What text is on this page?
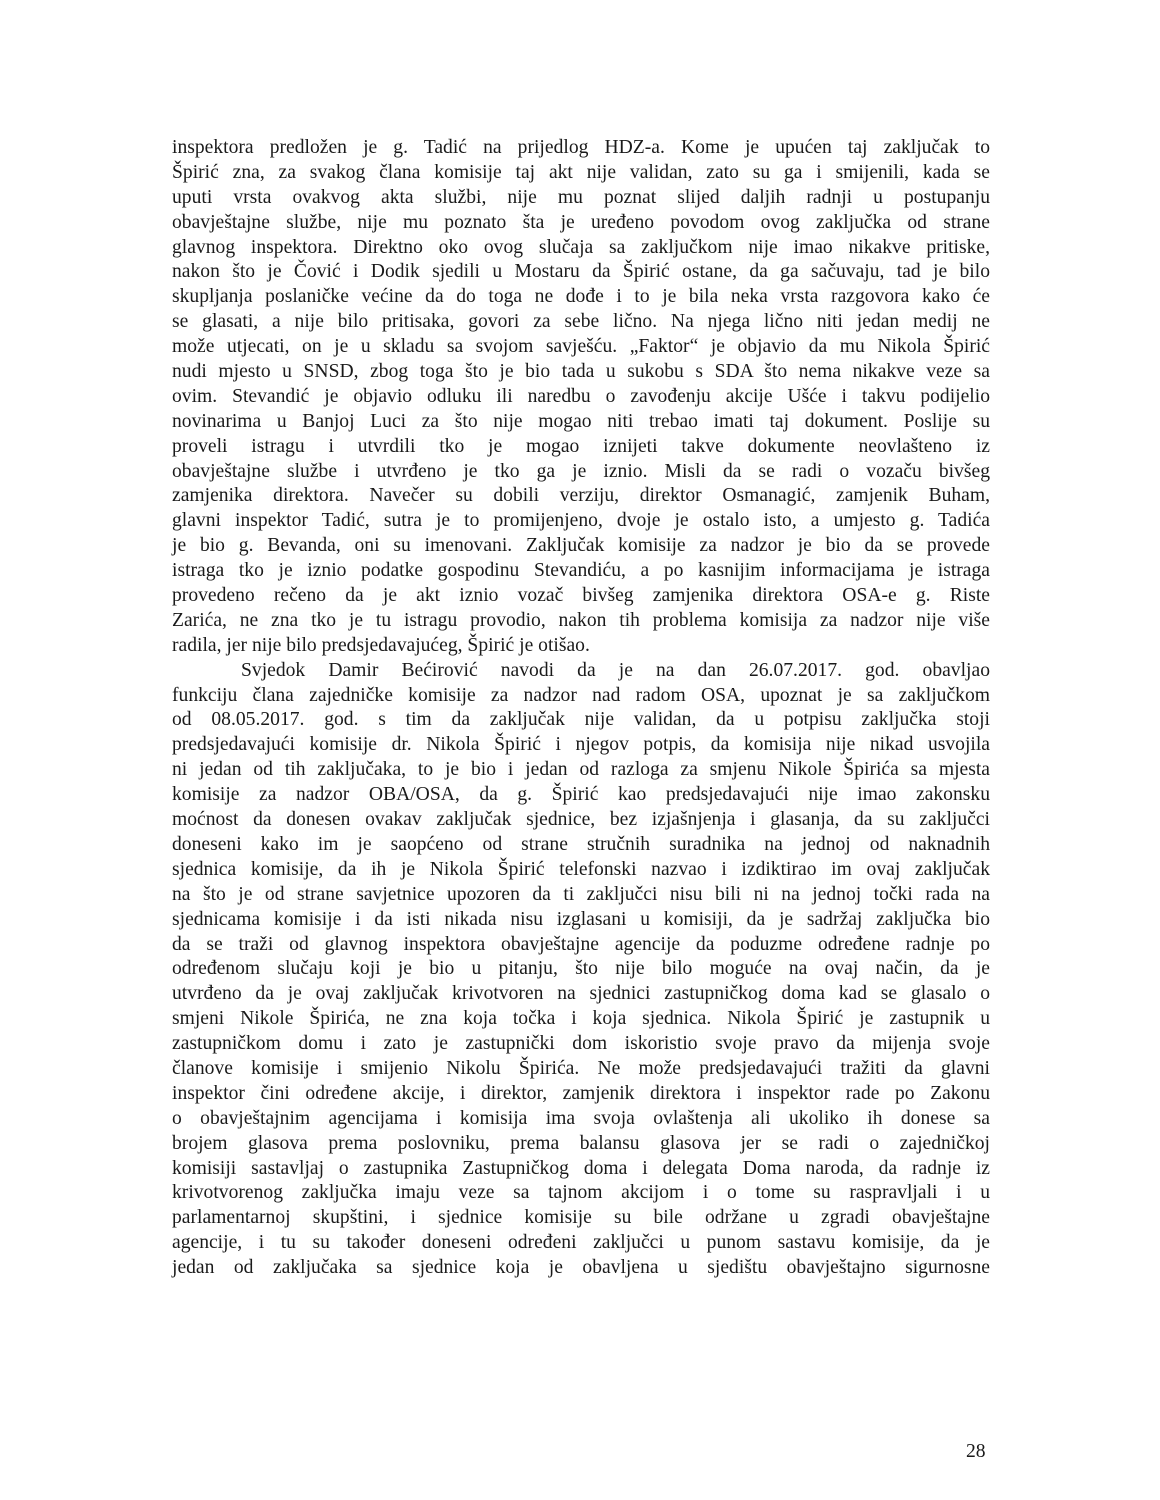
inspektora predložen je g. Tadić na prijedlog HDZ-a. Kome je upućen taj zaključak to
Špirić zna, za svakog člana komisije taj akt nije validan, zato su ga i smijenili, kada se
uputi vrsta ovakvog akta službi, nije mu poznat slijed daljih radnji u postupanju
obavještajne službe, nije mu poznato šta je uređeno povodom ovog zaključka od strane
glavnog inspektora. Direktno oko ovog slučaja sa zaključkom nije imao nikakve pritiske,
nakon što je Čović i Dodik sjedili u Mostaru da Špirić ostane, da ga sačuvaju, tad je bilo
skupljanja poslaničke većine da do toga ne dođe i to je bila neka vrsta razgovora kako će
se glasati, a nije bilo pritisaka, govori za sebe lično. Na njega lično niti jedan medij ne
može utjecati, on je u skladu sa svojom savješću. „Faktor“ je objavio da mu Nikola Špirić
nudi mjesto u SNSD, zbog toga što je bio tada u sukobu s SDA što nema nikakve veze sa
ovim. Stevandić je objavio odluku ili naredbu o zavođenju akcije Ušće i takvu podijelio
novinarima u Banjoj Luci za što nije mogao niti trebao imati taj dokument. Poslije su
proveli istragu i utvrdili tko je mogao iznijeti takve dokumente neovlašteno iz
obavještajne službe i utvrđeno je tko ga je iznio. Misli da se radi o vozaču bivšeg
zamjenika direktora. Navečer su dobili verziju, direktor Osmanagić, zamjenik Buham,
glavni inspektor Tadić, sutra je to promijenjeno, dvoje je ostalo isto, a umjesto g. Tadića
je bio g. Bevanda, oni su imenovani. Zaključak komisije za nadzor je bio da se provede
istraga tko je iznio podatke gospodinu Stevandiću, a po kasnijim informacijama je istraga
provedeno rečeno da je akt iznio vozač bivšeg zamjenika direktora OSA-e g. Riste
Zarića, ne zna tko je tu istragu provodio, nakon tih problema komisija za nadzor nije više
radila, jer nije bilo predsjedavajućeg, Špirić je otišao.
Svjedok Damir Bećirović navodi da je na dan 26.07.2017. god. obavljao
funkciju člana zajedničke komisije za nadzor nad radom OSA, upoznat je sa zaključkom
od 08.05.2017. god. s tim da zaključak nije validan, da u potpisu zaključka stoji
predsjedavajući komisije dr. Nikola Špirić i njegov potpis, da komisija nije nikad usvojila
ni jedan od tih zaključaka, to je bio i jedan od razloga za smjenu Nikole Špirića sa mjesta
komisije za nadzor OBA/OSA, da g. Špirić kao predsjedavajući nije imao zakonsku
moćnost da donesen ovakav zaključak sjednice, bez izjašnjenja i glasanja, da su zaključci
doneseni kako im je saopćeno od strane stručnih suradnika na jednoj od naknadnih
sjednica komisije, da ih je Nikola Špirić telefonski nazvao i izdiktirao im ovaj zaključak
na što je od strane savjetnice upozoren da ti zaključci nisu bili ni na jednoj točki rada na
sjednicama komisije i da isti nikada nisu izglasani u komisiji, da je sadržaj zaključka bio
da se traži od glavnog inspektora obavještajne agencije da poduzme određene radnje po
određenom slučaju koji je bio u pitanju, što nije bilo moguće na ovaj način, da je
utvrđeno da je ovaj zaključak krivotvoren na sjednici zastupničkog doma kad se glasalo o
smjeni Nikole Špirića, ne zna koja točka i koja sjednica. Nikola Špirić je zastupnik u
zastupničkom domu i zato je zastupnički dom iskoristio svoje pravo da mijenja svoje
članove komisije i smijenio Nikolu Špirića. Ne može predsjedavajući tražiti da glavni
inspektor čini određene akcije, i direktor, zamjenik direktora i inspektor rade po Zakonu
o obavještajnim agencijama i komisija ima svoja ovlaštenja ali ukoliko ih donese sa
brojem glasova prema poslovniku, prema balansu glasova jer se radi o zajedničkoj
komisiji sastavljaj o zastupnika Zastupničkog doma i delegata Doma naroda, da radnje iz
krivotvorenog zaključka imaju veze sa tajnom akcijom i o tome su raspravljali i u
parlamentarnoj skupštini, i sjednice komisije su bile održane u zgradi obavještajne
agencije, i tu su također doneseni određeni zaključci u punom sastavu komisije, da je
jedan od zaključaka sa sjednice koja je obavljena u sjedištu obavještajno sigurnosne
28
